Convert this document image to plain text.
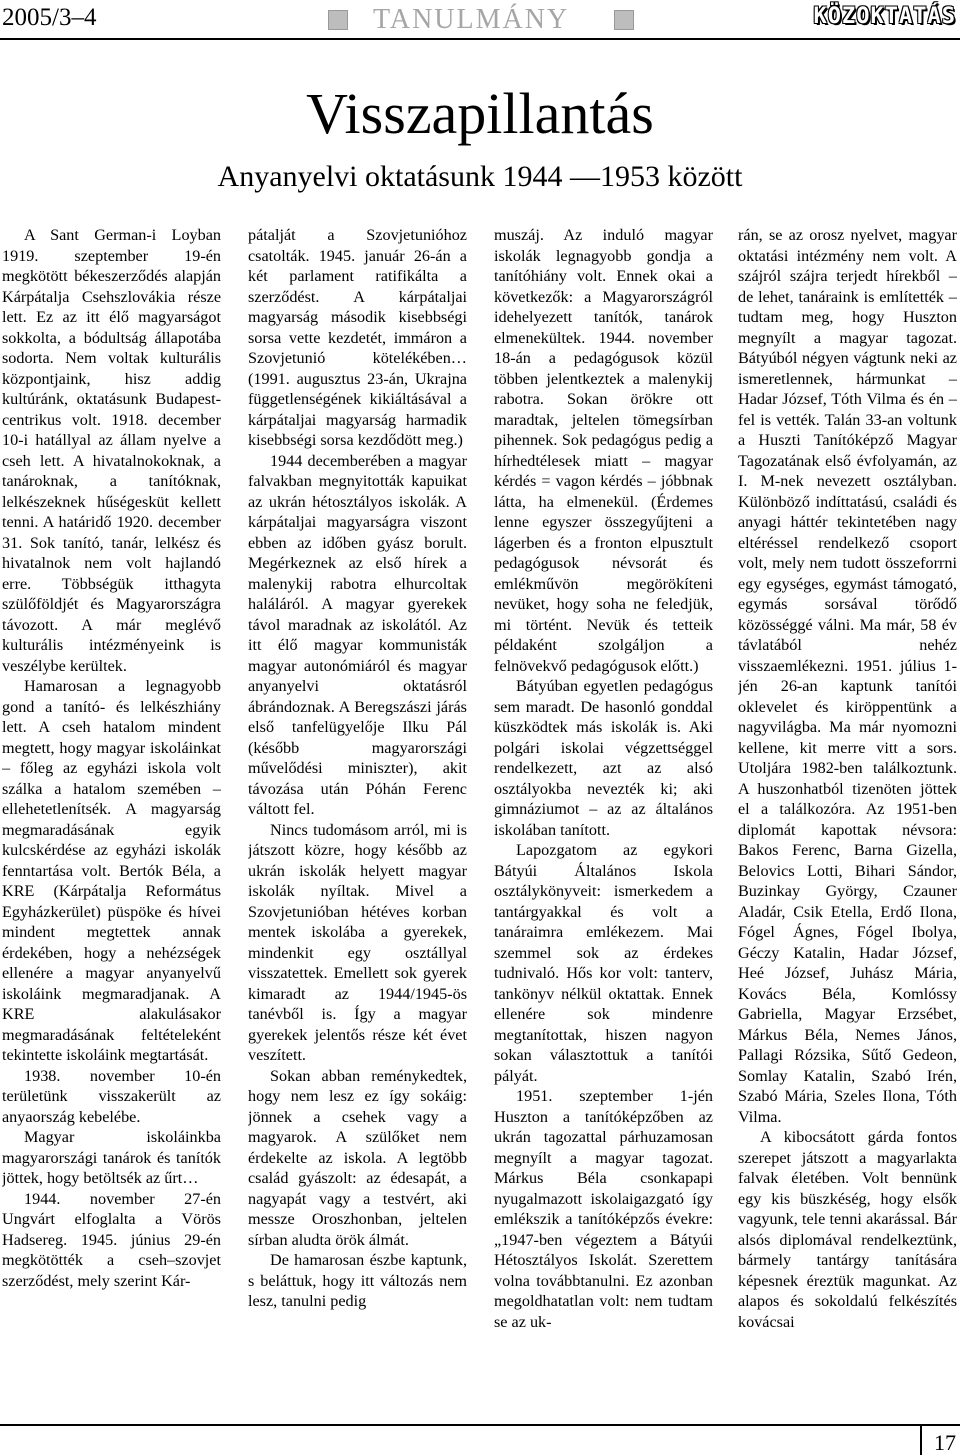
2005/3–4	TANULMÁNY	KÖZOKTATÁS
Visszapillantás
Anyanyelvi oktatásunk 1944 —1953 között

A Sant German-i Loyban 1919. szeptember 19-én megkötött békeszerződés alapján Kárpátalja Csehszlovákia része lett. Ez az itt élő magyarságot sokkolta, a bódultság állapotába sodorta. Nem voltak kulturális központjaink, hisz addig kultúránk, oktatásunk Budapest-centrikus volt. 1918. december 10-i hatállyal az állam nyelve a cseh lett. A hivatalnokoknak, a tanároknak, a tanítóknak, lelkészeknek hűségesküt kellett tenni. A határidő 1920. december 31. Sok tanító, tanár, lelkész és hivatalnok nem volt hajlandó erre. Többségük itthagyta szülőföldjét és Magyarországra távozott. A már meglévő kulturális intézményeink is veszélybe kerültek.

Hamarosan a legnagyobb gond a tanító- és lelkészhiány lett. A cseh hatalom mindent megtett, hogy magyar iskoláinkat – főleg az egyházi iskola volt szálka a hatalom szemében – ellehetetlenítsék. A magyarság megmaradásának egyik kulcskérdése az egyházi iskolák fenntartása volt. Bertók Béla, a KRE (Kárpátalja Református Egyházkerület) püspöke és hívei mindent megtettek annak érdekében, hogy a nehézségek ellenére a magyar anyanyelvű iskoláink megmaradjanak. A KRE alakulásakor megmaradásának feltételeként tekintette iskoláink megtartását.

1938. november 10-én területünk visszakerült az anyaország kebelébe.

Magyar iskoláinkba magyarországi tanárok és tanítók jöttek, hogy betöltsék az űrt…

1944. november 27-én Ungvárt elfoglalta a Vörös Hadsereg. 1945. június 29-én megkötötték a cseh–szovjet szerződést, mely szerint Kár-

pátalját a Szovjetunióhoz csatolták. 1945. január 26-án a két parlament ratifikálta a szerződést. A kárpátaljai magyarság második kisebbségi sorsa vette kezdetét, immáron a Szovjetunió kötelékében… (1991. augusztus 23-án, Ukrajna függetlenségének kikiáltásával a kárpátaljai magyarság harmadik kisebbségi sorsa kezdődött meg.)

1944 decemberében a magyar falvakban megnyitották kapuikat az ukrán hétosztályos iskolák. A kárpátaljai magyarságra viszont ebben az időben gyász borult. Megérkeznek az első hírek a malenykij rabotra elhurcoltak haláláról. A magyar gyerekek távol maradnak az iskolától. Az itt élő magyar kommunisták magyar autonómiáról és magyar anyanyelvi oktatásról ábrándoznak. A Beregszászi járás első tanfelügyelője Ilku Pál (később magyarországi művelődési miniszter), akit távozása után Póhán Ferenc váltott fel.

Nincs tudomásom arról, mi is játszott közre, hogy később az ukrán iskolák helyett magyar iskolák nyíltak. Mivel a Szovjetunióban hétéves korban mentek iskolába a gyerekek, mindenkit egy osztállyal visszatettek. Emellett sok gyerek kimaradt az 1944/1945-ös tanévből is. Így a magyar gyerekek jelentős része két évet veszített.

Sokan abban reménykedtek, hogy nem lesz ez így sokáig: jönnek a csehek vagy a magyarok. A szülőket nem érdekelte az iskola. A legtöbb család gyászolt: az édesapát, a nagyapát vagy a testvért, aki messze Oroszhonban, jeltelen sírban aludta örök álmát.

De hamarosan észbe kaptunk, s beláttuk, hogy itt változás nem lesz, tanulni pedig

muszáj. Az induló magyar iskolák legnagyobb gondja a tanítóhiány volt. Ennek okai a következők: a Magyarországról idehelyezett tanítók, tanárok elmenekültek. 1944. november 18-án a pedagógusok közül többen jelentkeztek a malenykij rabotra. Sokan örökre ott maradtak, jeltelen tömegsírban pihennek. Sok pedagógus pedig a hírhedtélesek miatt – magyar kérdés = vagon kérdés – jóbbnak látta, ha elmenekül. (Érdemes lenne egyszer összegyűjteni a lágerben és a fronton elpusztult pedagógusok névsorát és emlékművön megörökíteni nevüket, hogy soha ne feledjük, mi történt. Nevük és tetteik példaként szolgáljon a felnövekvő pedagógusok előtt.)

Bátyúban egyetlen pedagógus sem maradt. De hasonló gonddal küszködtek más iskolák is. Aki polgári iskolai végzettséggel rendelkezett, azt az alsó osztályokba nevezték ki; aki gimnáziumot – az az általános iskolában tanított.

Lapozgatom az egykori Bátyúi Általános Iskola osztálykönyveit: ismerkedem a tantárgyakkal és volt a tanáraimra emlékezem. Mai szemmel sok az érdekes tudnivaló. Hős kor volt: tanterv, tankönyv nélkül oktattak. Ennek ellenére sok mindenre megtanítottak, hiszen nagyon sokan választottuk a tanítói pályát.

1951. szeptember 1-jén Huszton a tanítóképzőben az ukrán tagozattal párhuzamosan megnyílt a magyar tagozat. Márkus Béla csonkapapi nyugalmazott iskolaigazgató így emlékszik a tanítóképzős évekre: „1947-ben végeztem a Bátyúi Hétosztályos Iskolát. Szerettem volna továbbtanulni. Ez azonban megoldhatatlan volt: nem tudtam se az uk-

rán, se az orosz nyelvet, magyar oktatási intézmény nem volt. A szájról szájra terjedt hírekből – de lehet, tanáraink is említették – tudtam meg, hogy Huszton megnyílt a magyar tagozat. Bátyúból négyen vágtunk neki az ismeretlennek, hármunkat – Hadar József, Tóth Vilma és én – fel is vették. Talán 33-an voltunk a Huszti Tanítóképző Magyar Tagozatának első évfolyamán, az I. M-nek nevezett osztályban. Különböző indíttatású, családi és anyagi háttér tekintetében nagy eltéréssel rendelkező csoport volt, mely nem tudott összeforrni egy egységes, egymást támogató, egymás sorsával törődő közösséggé válni. Ma már, 58 év távlatából nehéz visszaemlékezni. 1951. július 1-jén 26-an kaptunk tanítói oklevelet és kiröppentünk a nagyvilágba. Ma már nyomozni kellene, kit merre vitt a sors. Utoljára 1982-ben találkoztunk. A huszonhatból tizenöten jöttek el a találkozóra. Az 1951-ben diplomát kapottak névsora: Bakos Ferenc, Barna Gizella, Belovics Lotti, Bihari Sándor, Buzinkay György, Czauner Aladár, Csik Etella, Erdő Ilona, Fógel Ágnes, Fógel Ibolya, Géczy Katalin, Hadar József, Heé József, Juhász Mária, Kovács Béla, Komlóssy Gabriella, Magyar Erzsébet, Márkus Béla, Nemes János, Pallagi Rózsika, Sűtő Gedeon, Somlay Katalin, Szabó Irén, Szabó Mária, Szeles Ilona, Tóth Vilma.

A kibocsátott gárda fontos szerepet játszott a magyarlakta falvak életében. Volt bennünk egy kis büszkéség, hogy elsők vagyunk, tele tenni akarással. Bár alsós diplomával rendelkeztünk, bármely tantárgy tanítására képesnek éreztük magunkat. Az alapos és sokoldalú felkészítés kovácsai

17
